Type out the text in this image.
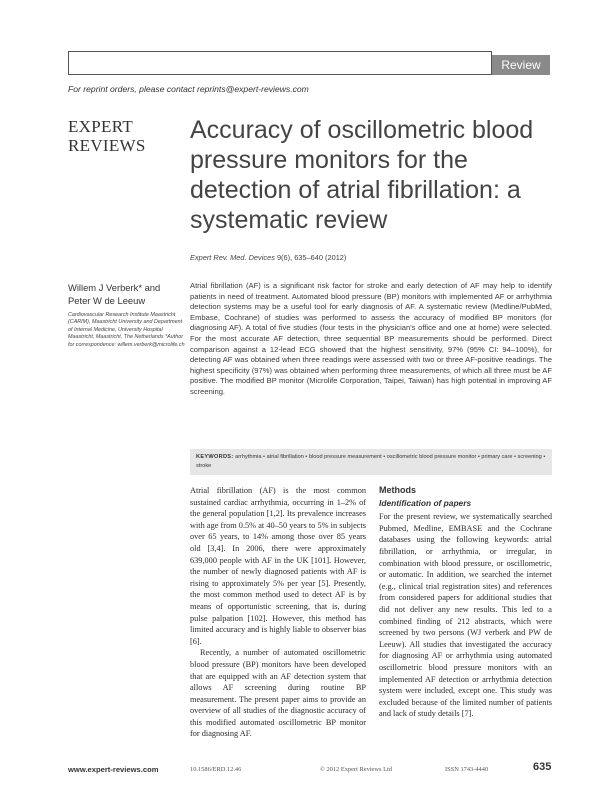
Review
For reprint orders, please contact reprints@expert-reviews.com
EXPERT
REVIEWS
Accuracy of oscillometric blood pressure monitors for the detection of atrial fibrillation: a systematic review
Expert Rev. Med. Devices 9(6), 635–640 (2012)
Willem J Verberk* and Peter W de Leeuw
Cardiovascular Research Institute Maastricht (CARIM), Maastricht University and Department of Internal Medicine, University Hospital Maastricht, Maastricht, The Netherlands *Author for correspondence: willem.verberk@microlife.ch

Atrial fibrillation (AF) is a significant risk factor for stroke and early detection of AF may help to identify patients in need of treatment. Automated blood pressure (BP) monitors with implemented AF or arrhythmia detection systems may be a useful tool for early diagnosis of AF. A systematic review (Medline/PubMed, Embase, Cochrane) of studies was performed to assess the accuracy of modified BP monitors (for diagnosing AF). A total of five studies (four tests in the physician's office and one at home) were selected. For the most accurate AF detection, three sequential BP measurements should be performed. Direct comparison against a 12-lead ECG showed that the highest sensitivity, 97% (95% CI: 94–100%), for detecting AF was obtained when three readings were assessed with two or three AF-positive readings. The highest specificity (97%) was obtained when performing three measurements, of which all three must be AF positive. The modified BP monitor (Microlife Corporation, Taipei, Taiwan) has high potential in improving AF screening.

KEYWORDS: arrhythmia • atrial fibrillation • blood pressure measurement • oscillometric blood pressure monitor • primary care • screening • stroke

Atrial fibrillation (AF) is the most common sustained cardiac arrhythmia, occurring in 1–2% of the general population [1,2]. Its prevalence increases with age from 0.5% at 40–50 years to 5% in subjects over 65 years, to 14% among those over 85 years old [3,4]. In 2006, there were approximately 639,000 people with AF in the UK [101]. However, the number of newly diagnosed patients with AF is rising to approximately 5% per year [5]. Presently, the most common method used to detect AF is by means of opportunistic screening, that is, during pulse palpation [102]. However, this method has limited accuracy and is highly liable to observer bias [6].

Recently, a number of automated oscillometric blood pressure (BP) monitors have been developed that are equipped with an AF detection system that allows AF screening during routine BP measurement. The present paper aims to provide an overview of all studies of the diagnostic accuracy of this modified automated oscillometric BP monitor for diagnosing AF.

Methods
Identification of papers

For the present review, we systematically searched Pubmed, Medline, EMBASE and the Cochrane databases using the following keywords: atrial fibrillation, or arrhythmia, or irregular, in combination with blood pressure, or oscillometric, or automatic. In addition, we searched the internet (e.g., clinical trial registration sites) and references from considered papers for additional studies that did not deliver any new results. This led to a combined finding of 212 abstracts, which were screened by two persons (WJ verberk and PW de Leeuw). All studies that investigated the accuracy for diagnosing AF or arrhythmia using automated oscillometric blood pressure monitors with an implemented AF detection or arrhythmia detection system were included, except one. This study was excluded because of the limited number of patients and lack of study details [7].

www.expert-reviews.com	10.1586/ERD.12.46	© 2012 Expert Reviews Ltd	ISSN 1743-4440	635
